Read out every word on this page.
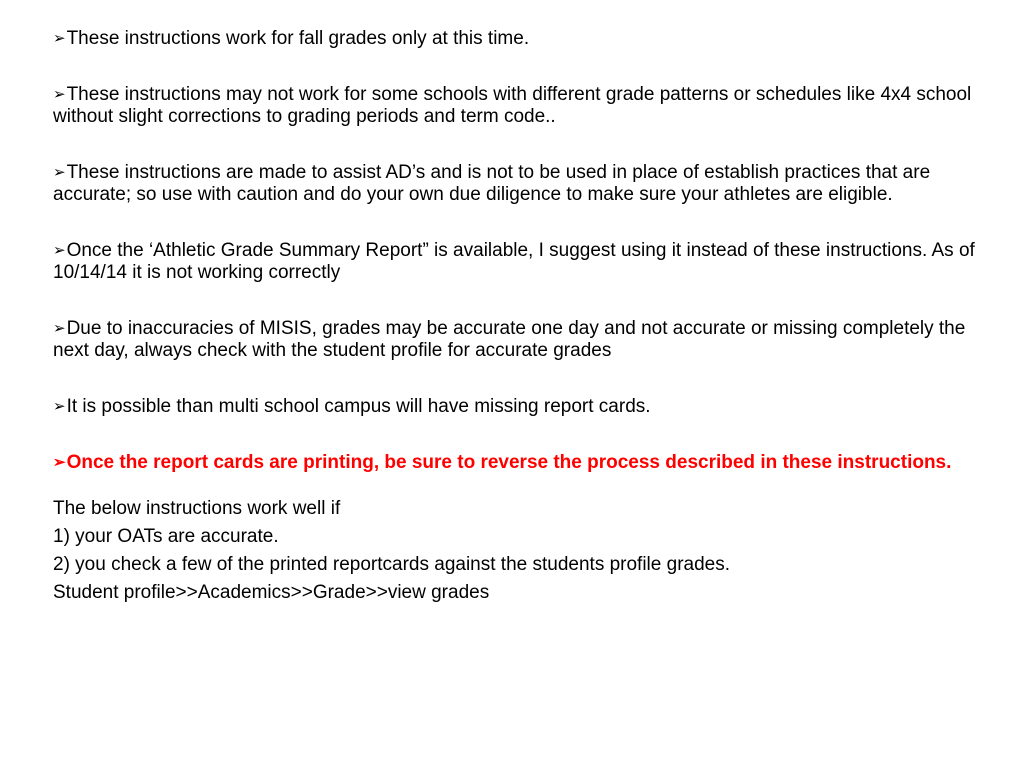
➢These instructions work for fall grades only at this time.
➢These instructions may not work for some schools with different grade patterns or schedules like 4x4 school without slight corrections to grading periods and term code..
➢These instructions are made to assist AD’s and is not to be used in place of establish practices that are accurate; so use with caution and do your own due diligence to make sure your athletes are eligible.
➢Once the ‘Athletic Grade Summary Report” is available, I suggest using it instead of these instructions. As of 10/14/14 it is not working correctly
➢Due to inaccuracies of MISIS, grades may be accurate one day and not accurate or missing completely the next day, always check with the student profile for accurate grades
➢It is possible than multi school campus will have missing report cards.
➢Once the report cards are printing, be sure to reverse the process described in these instructions.
The below instructions work well if
1) your OATs are accurate.
2) you check a few of the printed reportcards against the students profile grades.
Student profile>>Academics>>Grade>>view grades
